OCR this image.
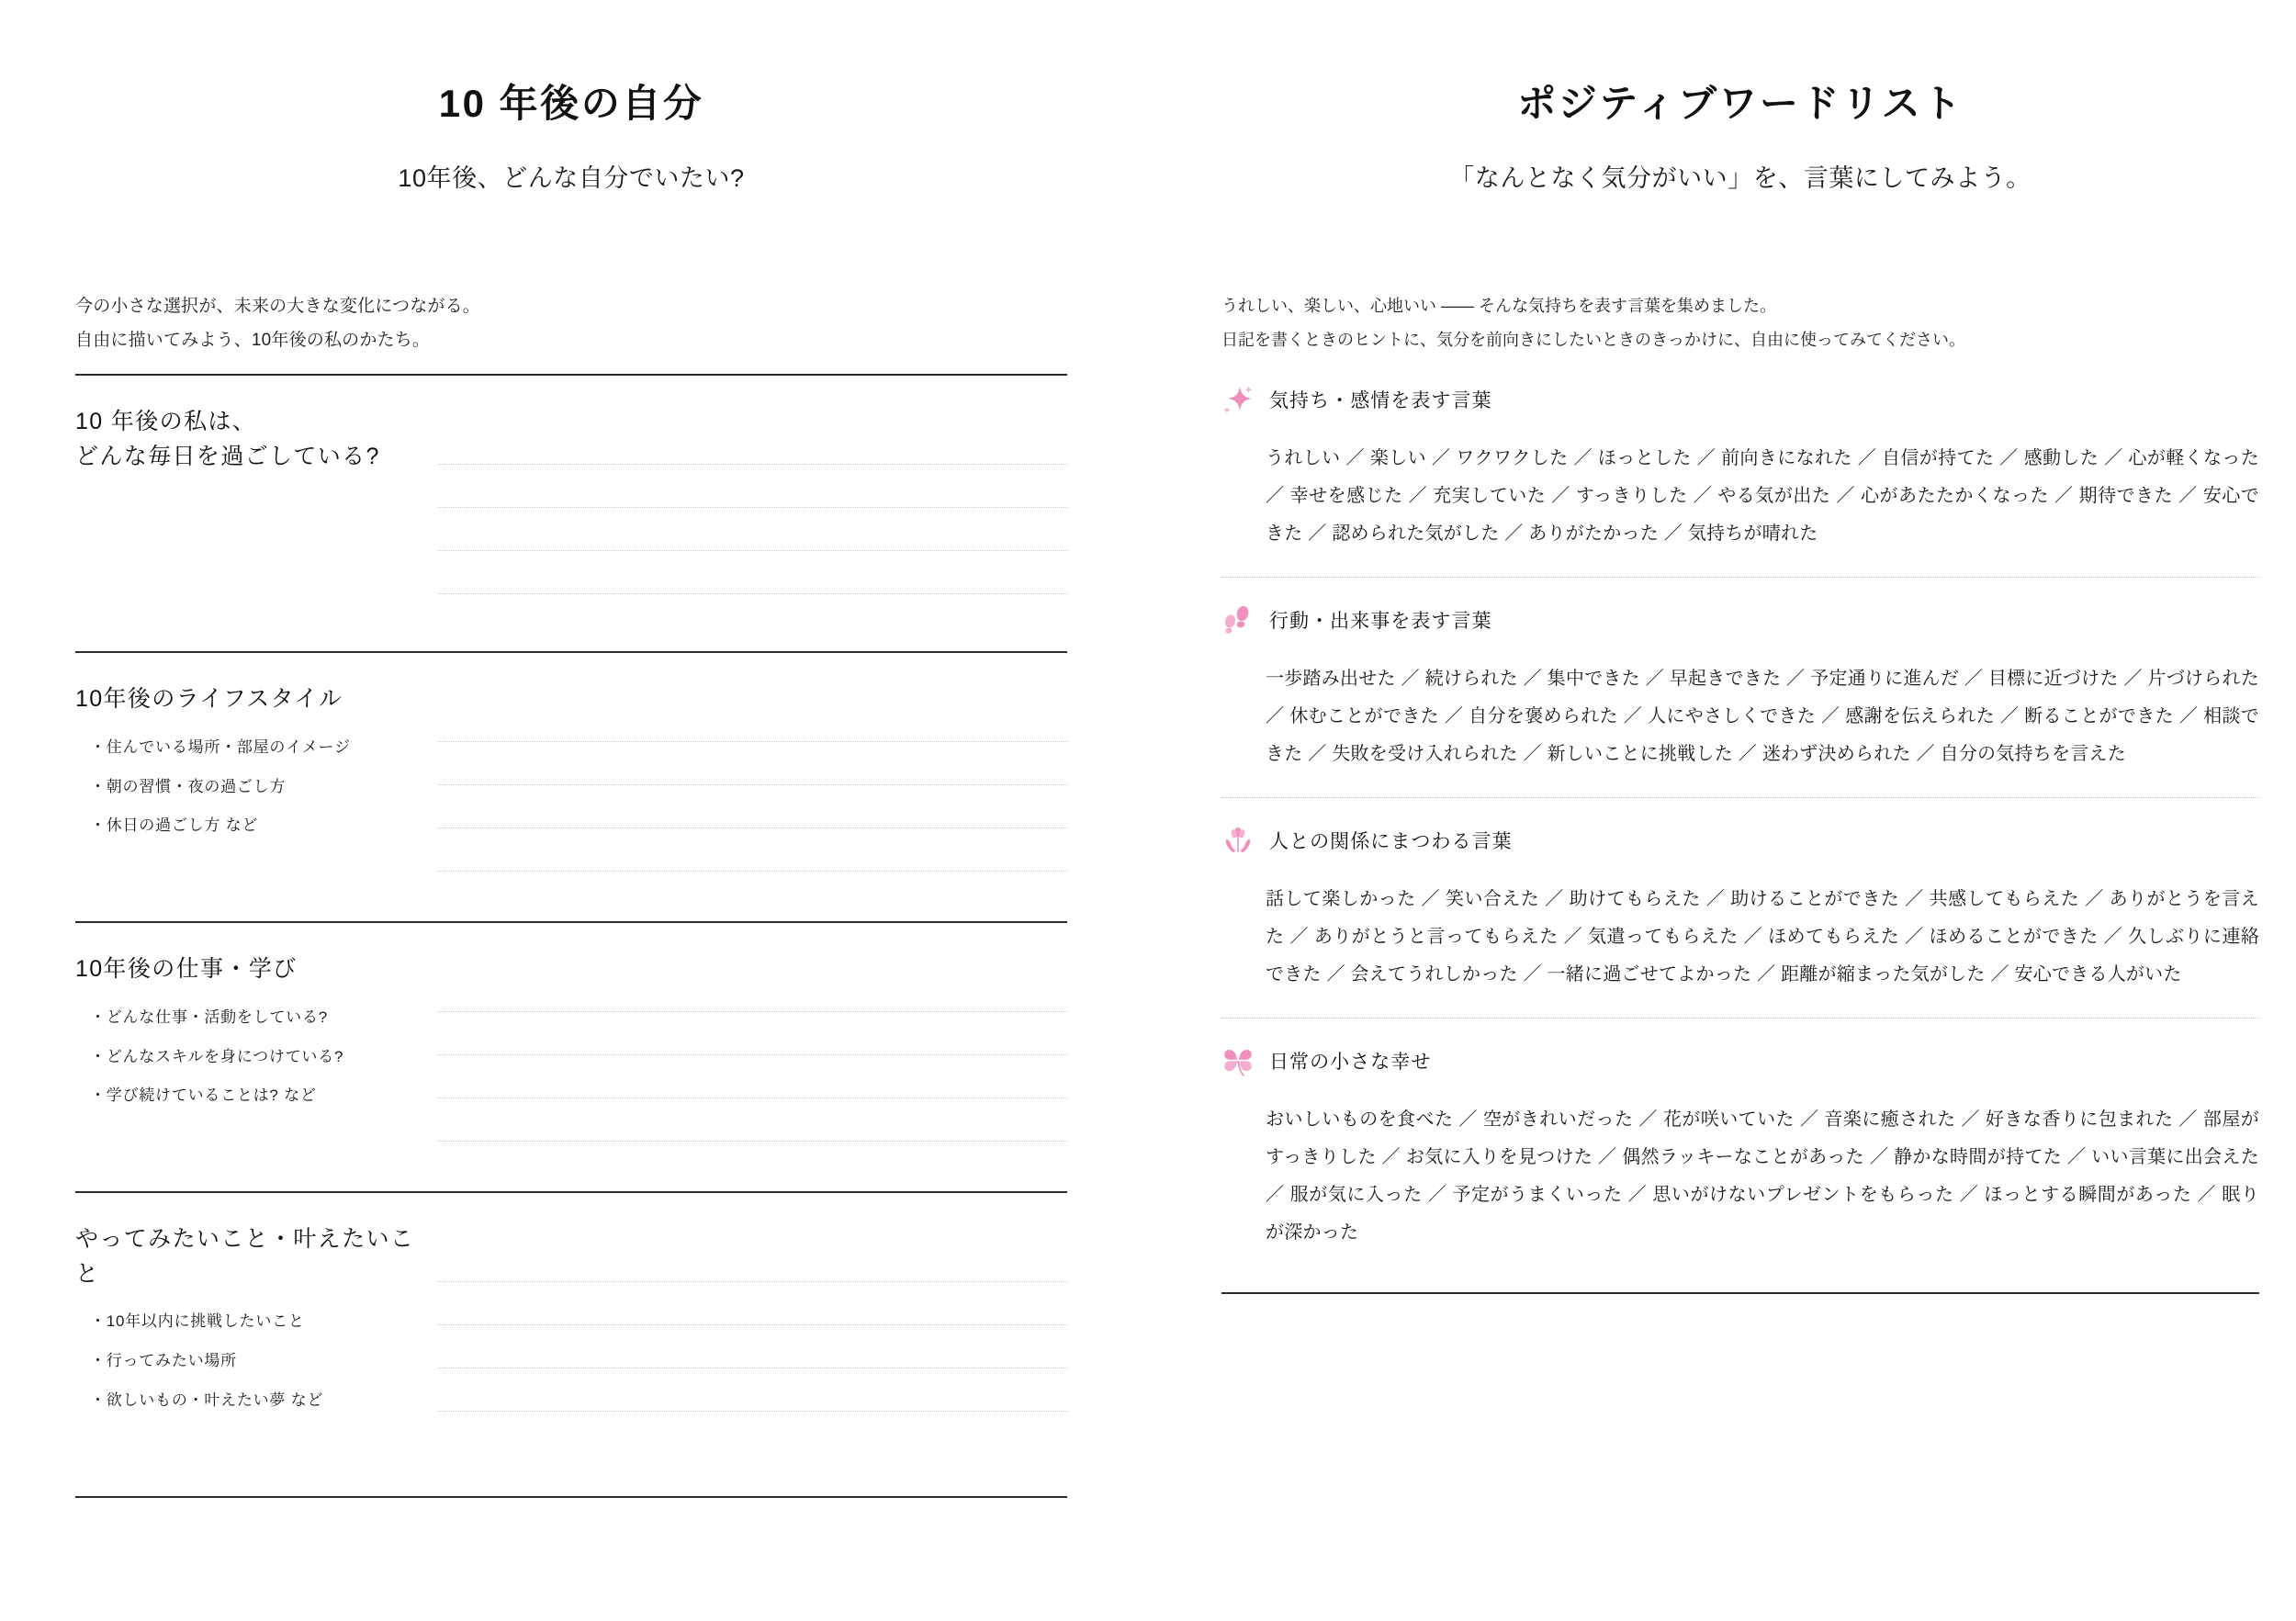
10 年後の自分
10年後、どんな自分でいたい?
今の小さな選択が、未来の大きな変化につながる。
自由に描いてみよう、10年後の私のかたち。
10 年後の私は、
どんな毎日を過ごしている?
10年後のライフスタイル
・住んでいる場所・部屋のイメージ
・朝の習慣・夜の過ごし方
・休日の過ごし方 など
10年後の仕事・学び
・どんな仕事・活動をしている?
・どんなスキルを身につけている?
・学び続けていることは? など
やってみたいこと・叶えたいこと
・10年以内に挑戦したいこと
・行ってみたい場所
・欲しいもの・叶えたい夢 など
ポジティブワードリスト
「なんとなく気分がいい」を、言葉にしてみよう。
うれしい、楽しい、心地いい —— そんな気持ちを表す言葉を集めました。
日記を書くときのヒントに、気分を前向きにしたいときのきっかけに、自由に使ってみてください。
気持ち・感情を表す言葉

うれしい ／ 楽しい ／ ワクワクした ／ ほっとした ／ 前向きになれた ／ 自信が持てた ／ 感動した ／ 心が軽くなった ／ 幸せを感じた ／ 充実していた ／ すっきりした ／ やる気が出た ／ 心があたたかくなった ／ 期待できた ／ 安心できた ／ 認められた気がした ／ ありがたかった ／ 気持ちが晴れた

行動・出来事を表す言葉

一歩踏み出せた ／ 続けられた ／ 集中できた ／ 早起きできた ／ 予定通りに進んだ ／ 目標に近づけた ／ 片づけられた ／ 休むことができた ／ 自分を褒められた ／ 人にやさしくできた ／ 感謝を伝えられた ／ 断ることができた ／ 相談できた ／ 失敗を受け入れられた ／ 新しいことに挑戦した ／ 迷わず決められた ／ 自分の気持ちを言えた

人との関係にまつわる言葉

話して楽しかった ／ 笑い合えた ／ 助けてもらえた ／ 助けることができた ／ 共感してもらえた ／ ありがとうを言えた ／ ありがとうと言ってもらえた ／ 気遣ってもらえた ／ ほめてもらえた ／ ほめることができた ／ 久しぶりに連絡できた ／ 会えてうれしかった ／ 一緒に過ごせてよかった ／ 距離が縮まった気がした ／ 安心できる人がいた

日常の小さな幸せ

おいしいものを食べた ／ 空がきれいだった ／ 花が咲いていた ／ 音楽に癒された ／ 好きな香りに包まれた ／ 部屋がすっきりした ／ お気に入りを見つけた ／ 偶然ラッキーなことがあった ／ 静かな時間が持てた ／ いい言葉に出会えた ／ 服が気に入った ／ 予定がうまくいった ／ 思いがけないプレゼントをもらった ／ ほっとする瞬間があった ／ 眠りが深かった
